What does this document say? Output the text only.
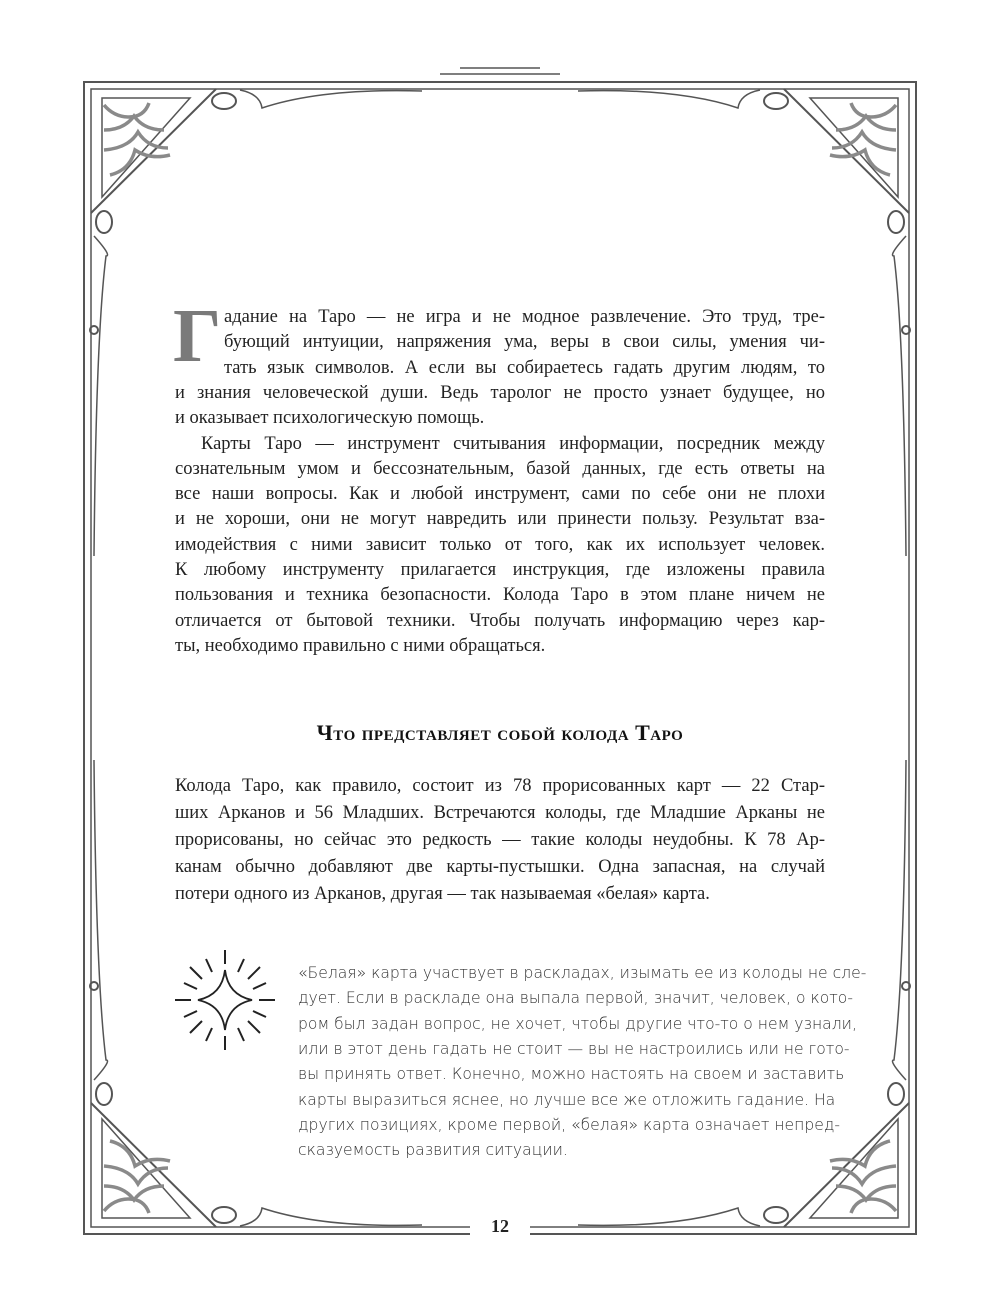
Г адание на Таро — не игра и не модное развлечение. Это труд, тре-
бующий интуиции, напряжения ума, веры в свои силы, умения чи-
тать язык символов. А если вы собираетесь гадать другим людям, то
и знания человеческой души. Ведь таролог не просто узнает будущее, но
и оказывает психологическую помощь.
Карты Таро — инструмент считывания информации, посредник между
сознательным умом и бессознательным, базой данных, где есть ответы на
все наши вопросы. Как и любой инструмент, сами по себе они не плохи
и не хороши, они не могут навредить или принести пользу. Результат вза-
имодействия с ними зависит только от того, как их использует человек.
К любому инструменту прилагается инструкция, где изложены правила
пользования и техника безопасности. Колода Таро в этом плане ничем не
отличается от бытовой техники. Чтобы получать информацию через кар-
ты, необходимо правильно с ними обращаться.
Что представляет собой колода Таро
Колода Таро, как правило, состоит из 78 прорисованных карт — 22 Стар-
ших Арканов и 56 Младших. Встречаются колоды, где Младшие Арканы не
прорисованы, но сейчас это редкость — такие колоды неудобны. К 78 Ар-
канам обычно добавляют две карты-пустышки. Одна запасная, на случай
потери одного из Арканов, другая — так называемая «белая» карта.
«Белая» карта участвует в раскладах, изымать ее из колоды не сле-
дует. Если в раскладе она выпала первой, значит, человек, о кото-
ром был задан вопрос, не хочет, чтобы другие что-то о нем узнали,
или в этот день гадать не стоит — вы не настроились или не гото-
вы принять ответ. Конечно, можно настоять на своем и заставить
карты выразиться яснее, но лучше все же отложить гадание. На
других позициях, кроме первой, «белая» карта означает непред-
сказуемость развития ситуации.
12
